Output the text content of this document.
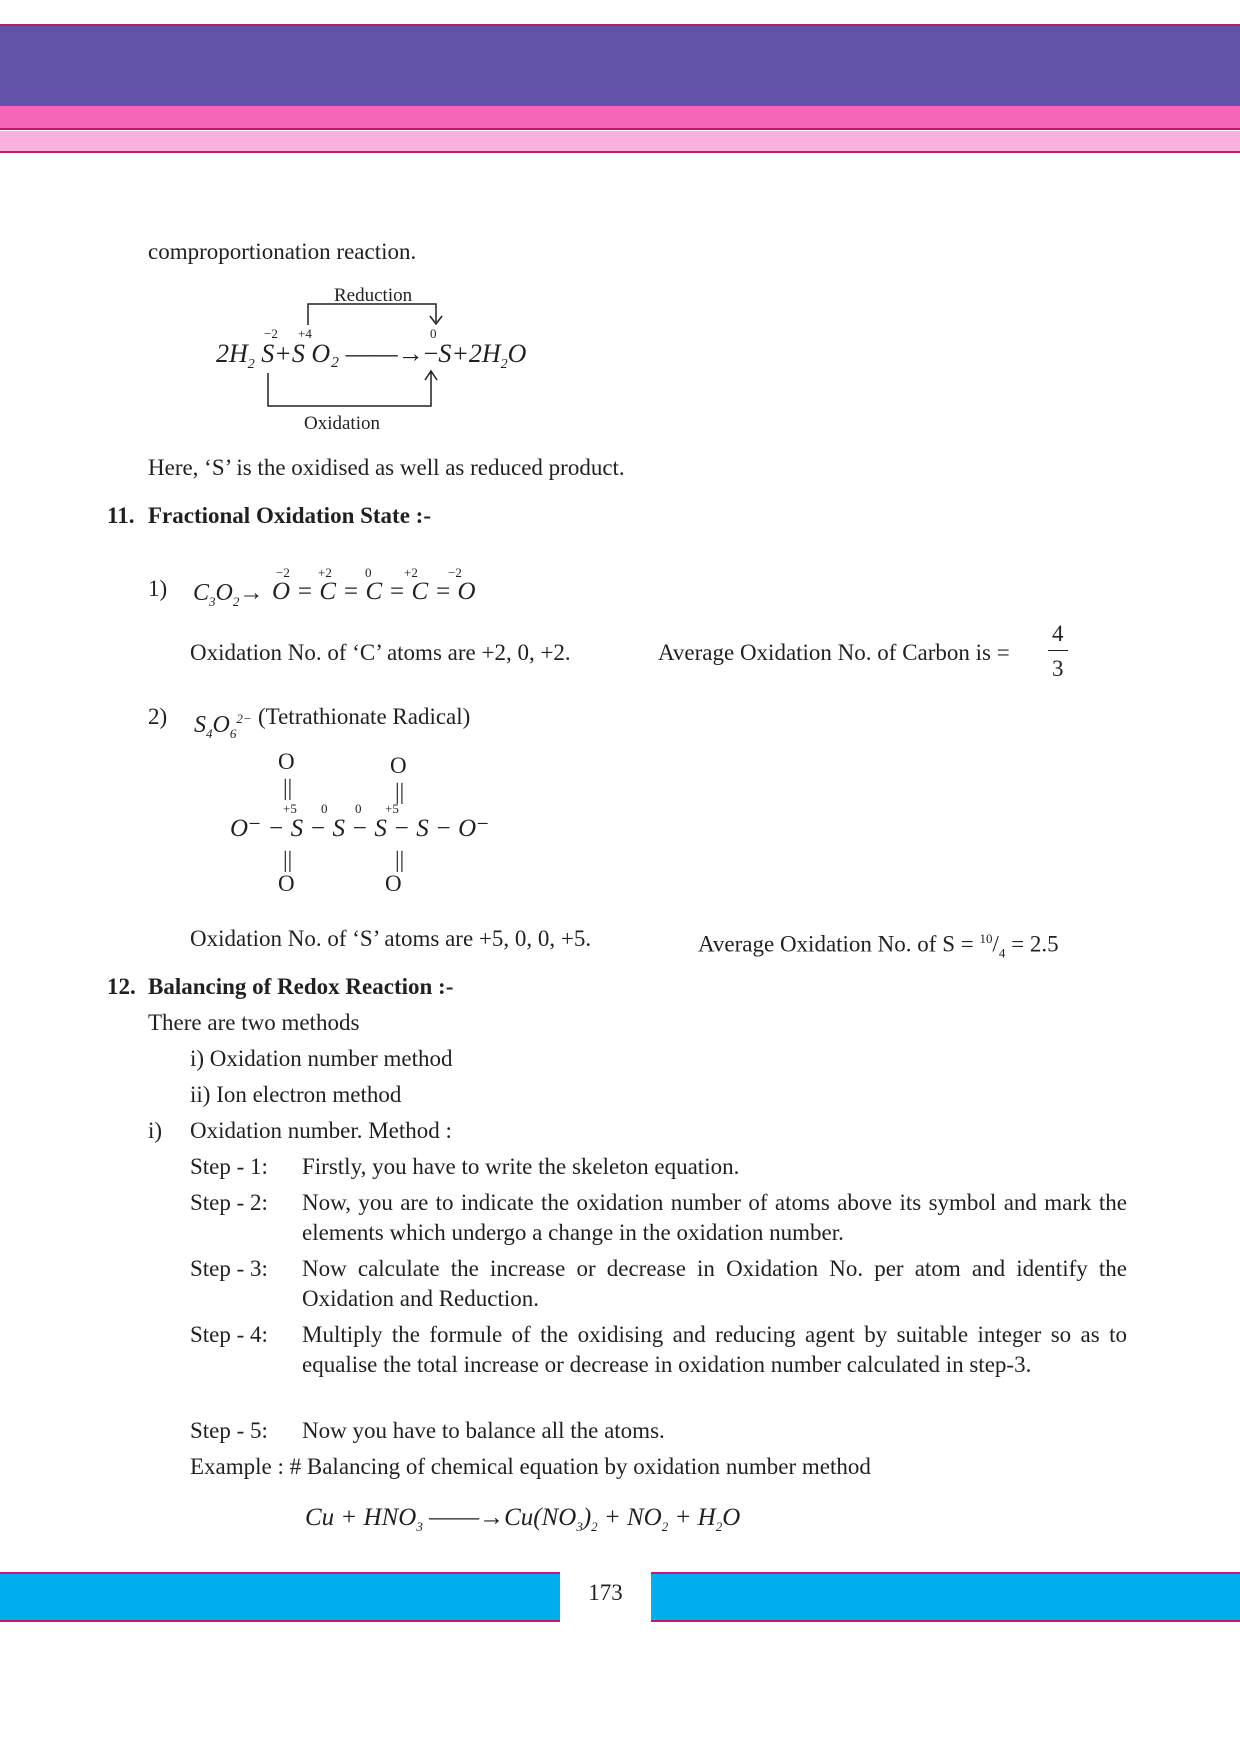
comproportionation reaction.
Reduction
Oxidation
−2 +4	0
$2H_2$ S+S O₂ $——\to-S+2H_2O$
Here, ‘S’ is the oxidised as well as reduced product.
11. Fractional Oxidation State :-
1) $C_3O_2\to$
−2 +2	0	+2 −2
O = C = C = C = O
Oxidation No. of ‘C’ atoms are +2, 0, +2.	Average Oxidation No. of Carbon is =
4
3
2) $S_4O_6^{2-}$ (Tetrathionate Radical)
O	O
||	||
+5 0 0 +5
O⁻ − S − S − S − S − O⁻
||	||
O	O
Oxidation No. of ‘S’ atoms are +5, 0, 0, +5.	Average Oxidation No. of $S = ^{10}/_4 = 2.5$
12. Balancing of Redox Reaction :-
There are two methods
i) Oxidation number method
ii) Ion electron method
i) Oxidation number. Method :
Step - 1: Firstly, you have to write the skeleton equation.
Step - 2: Now, you are to indicate the oxidation number of atoms above its symbol and mark the elements which undergo a change in the oxidation number.
Step - 3: Now calculate the increase or decrease in Oxidation No. per atom and identify the Oxidation and Reduction.
Step - 4: Multiply the formule of the oxidising and reducing agent by suitable integer so as to equalise the total increase or decrease in oxidation number calculated in step-3.
Step - 5: Now you have to balance all the atoms.
Example : # Balancing of chemical equation by oxidation number method
$Cu + HNO_3$ $——\to Cu(NO_3)_2 + NO_2 + H_2O$
173
